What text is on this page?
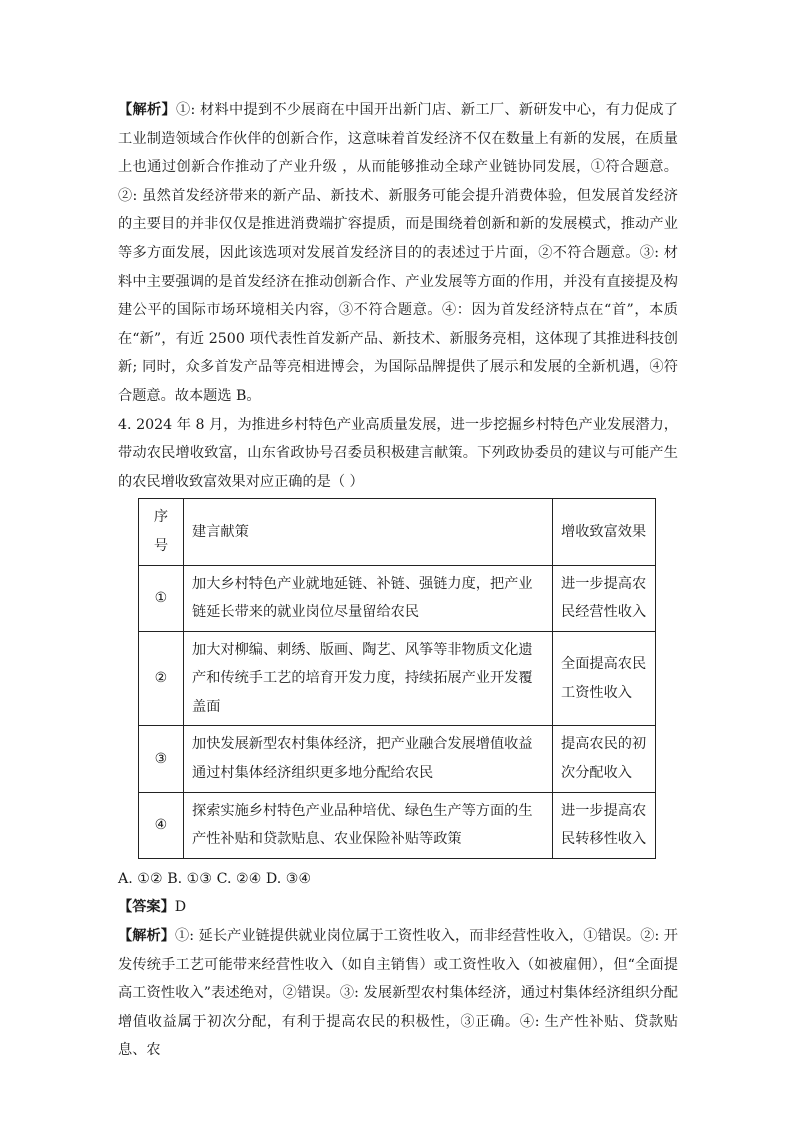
【解析】①: 材料中提到不少展商在中国开出新门店、新工厂、新研发中心，有力促成了工业制造领域合作伙伴的创新合作，这意味着首发经济不仅在数量上有新的发展，在质量上也通过创新合作推动了产业升级 ，从而能够推动全球产业链协同发展，①符合题意。 ②: 虽然首发经济带来的新产品、新技术、新服务可能会提升消费体验，但发展首发经济的主要目的并非仅仅是推进消费端扩容提质，而是围绕着创新和新的发展模式，推动产业等多方面发展，因此该选项对发展首发经济目的的表述过于片面，②不符合题意。③: 材料中主要强调的是首发经济在推动创新合作、产业发展等方面的作用，并没有直接提及构建公平的国际市场环境相关内容，③不符合题意。④：因为首发经济特点在“首”，本质在“新”，有近 2500 项代表性首发新产品、新技术、新服务亮相，这体现了其推进科技创新; 同时，众多首发产品等亮相进博会，为国际品牌提供了展示和发展的全新机遇，④符合题意。故本题选 B。

4. 2024 年 8 月，为推进乡村特色产业高质量发展，进一步挖掘乡村特色产业发展潜力，带动农民增收致富，山东省政协号召委员积极建言献策。下列政协委员的建议与可能产生的农民增收致富效果对应正确的是（ ）

序号	建言献策	增收致富效果
①	加大乡村特色产业就地延链、补链、强链力度，把产业链延长带来的就业岗位尽量留给农民	进一步提高农民经营性收入
②	加大对柳编、刺绣、版画、陶艺、风筝等非物质文化遗产和传统手工艺的培育开发力度，持续拓展产业开发覆盖面	全面提高农民工资性收入
③	加快发展新型农村集体经济，把产业融合发展增值收益通过村集体经济组织更多地分配给农民	提高农民的初次分配收入
④	探索实施乡村特色产业品种培优、绿色生产等方面的生产性补贴和贷款贴息、农业保险补贴等政策	进一步提高农民转移性收入

A. ①② B. ①③ C. ②④ D. ③④

【答案】D

【解析】①: 延长产业链提供就业岗位属于工资性收入，而非经营性收入，①错误。②: 开发传统手工艺可能带来经营性收入（如自主销售）或工资性收入（如被雇佣），但“全面提高工资性收入”表述绝对，②错误。③: 发展新型农村集体经济，通过村集体经济组织分配增值收益属于初次分配，有利于提高农民的积极性，③正确。④: 生产性补贴、贷款贴息、农
